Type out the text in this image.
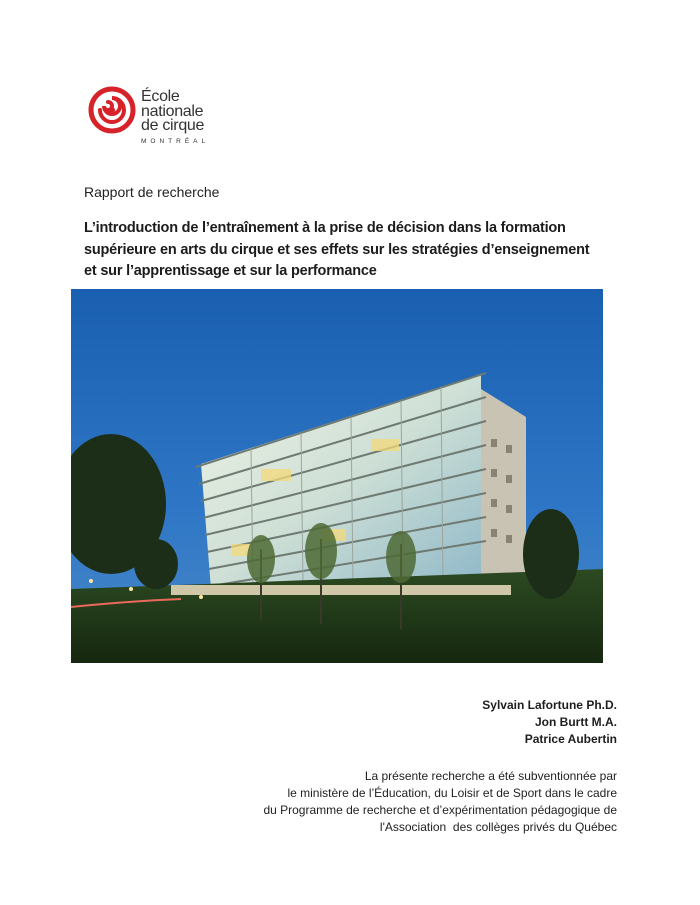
École
nationale
de cirque
MONTRÉAL
Rapport de recherche
L’introduction de l’entraînement à la prise de décision dans la formation
supérieure en arts du cirque et ses effets sur les stratégies d’enseignement
et sur l’apprentissage et sur la performance
Sylvain Lafortune Ph.D.
Jon Burtt M.A.
Patrice Aubertin
La présente recherche a été subventionnée par
le ministère de l’Éducation, du Loisir et de Sport dans le cadre
du Programme de recherche et d’expérimentation pédagogique de
l'Association  des collèges privés du Québec
